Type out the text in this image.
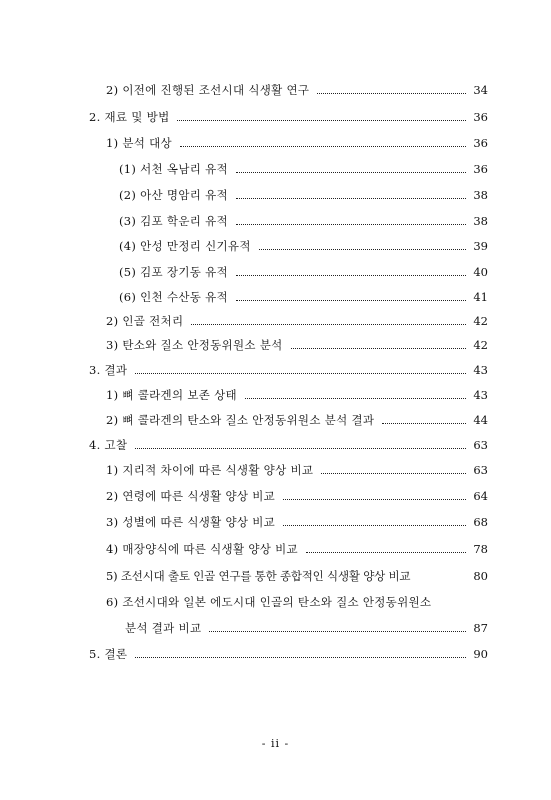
2) 이전에 진행된 조선시대 식생활 연구	34
2. 재료 및 방법	36
1) 분석 대상	36
(1) 서천 옥남리 유적	36
(2) 아산 명암리 유적	38
(3) 김포 학운리 유적	38
(4) 안성 만정리 신기유적	39
(5) 김포 장기동 유적	40
(6) 인천 수산동 유적	41
2) 인골 전처리	42
3) 탄소와 질소 안정동위원소 분석	42
3. 결과	43
1) 뼈 콜라겐의 보존 상태	43
2) 뼈 콜라겐의 탄소와 질소 안정동위원소 분석 결과	44
4. 고찰	63
1) 지리적 차이에 따른 식생활 양상 비교	63
2) 연령에 따른 식생활 양상 비교	64
3) 성별에 따른 식생활 양상 비교	68
4) 매장양식에 따른 식생활 양상 비교	78
5) 조선시대 출토 인골 연구를 통한 종합적인 식생활 양상 비교	80
6) 조선시대와 일본 에도시대 인골의 탄소와 질소 안정동위원소
분석 결과 비교	87
5. 결론	90
- ii -
